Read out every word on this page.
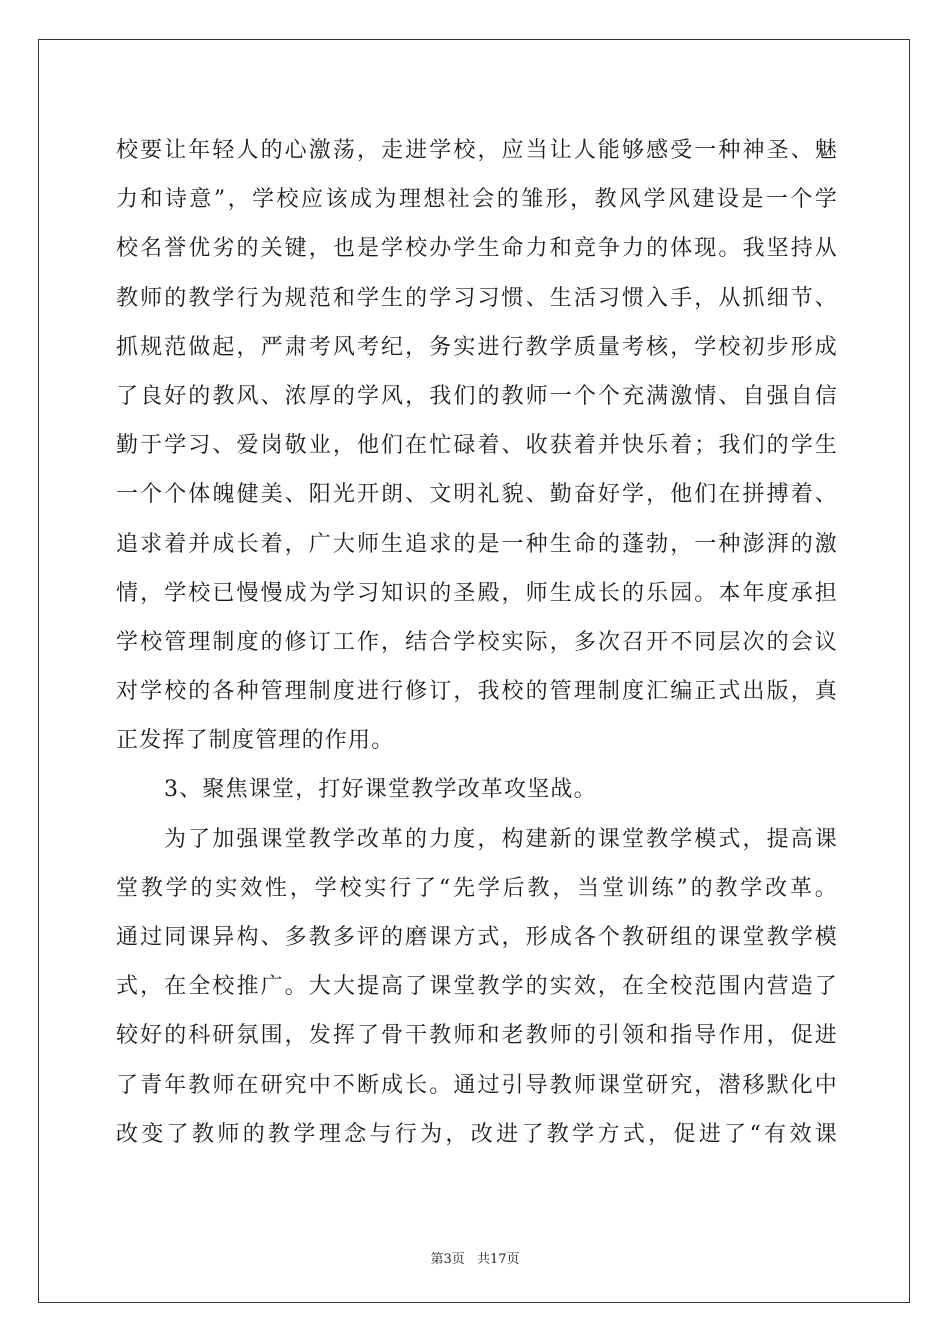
校要让年轻人的心激荡，走进学校，应当让人能够感受一种神圣、魅
力和诗意”，学校应该成为理想社会的雏形，教风学风建设是一个学
校名誉优劣的关键，也是学校办学生命力和竞争力的体现。我坚持从
教师的教学行为规范和学生的学习习惯、生活习惯入手，从抓细节、
抓规范做起，严肃考风考纪，务实进行教学质量考核，学校初步形成
了良好的教风、浓厚的学风，我们的教师一个个充满激情、自强自信
勤于学习、爱岗敬业，他们在忙碌着、收获着并快乐着；我们的学生
一个个体魄健美、阳光开朗、文明礼貌、勤奋好学，他们在拼搏着、
追求着并成长着，广大师生追求的是一种生命的蓬勃，一种澎湃的激
情，学校已慢慢成为学习知识的圣殿，师生成长的乐园。本年度承担
学校管理制度的修订工作，结合学校实际，多次召开不同层次的会议
对学校的各种管理制度进行修订，我校的管理制度汇编正式出版，真
正发挥了制度管理的作用。
3、聚焦课堂，打好课堂教学改革攻坚战。
为了加强课堂教学改革的力度，构建新的课堂教学模式，提高课
堂教学的实效性，学校实行了“先学后教，当堂训练”的教学改革。
通过同课异构、多教多评的磨课方式，形成各个教研组的课堂教学模
式，在全校推广。大大提高了课堂教学的实效，在全校范围内营造了
较好的科研氛围，发挥了骨干教师和老教师的引领和指导作用，促进
了青年教师在研究中不断成长。通过引导教师课堂研究，潜移默化中
改变了教师的教学理念与行为，改进了教学方式，促进了“有效课
第3页 共17页
